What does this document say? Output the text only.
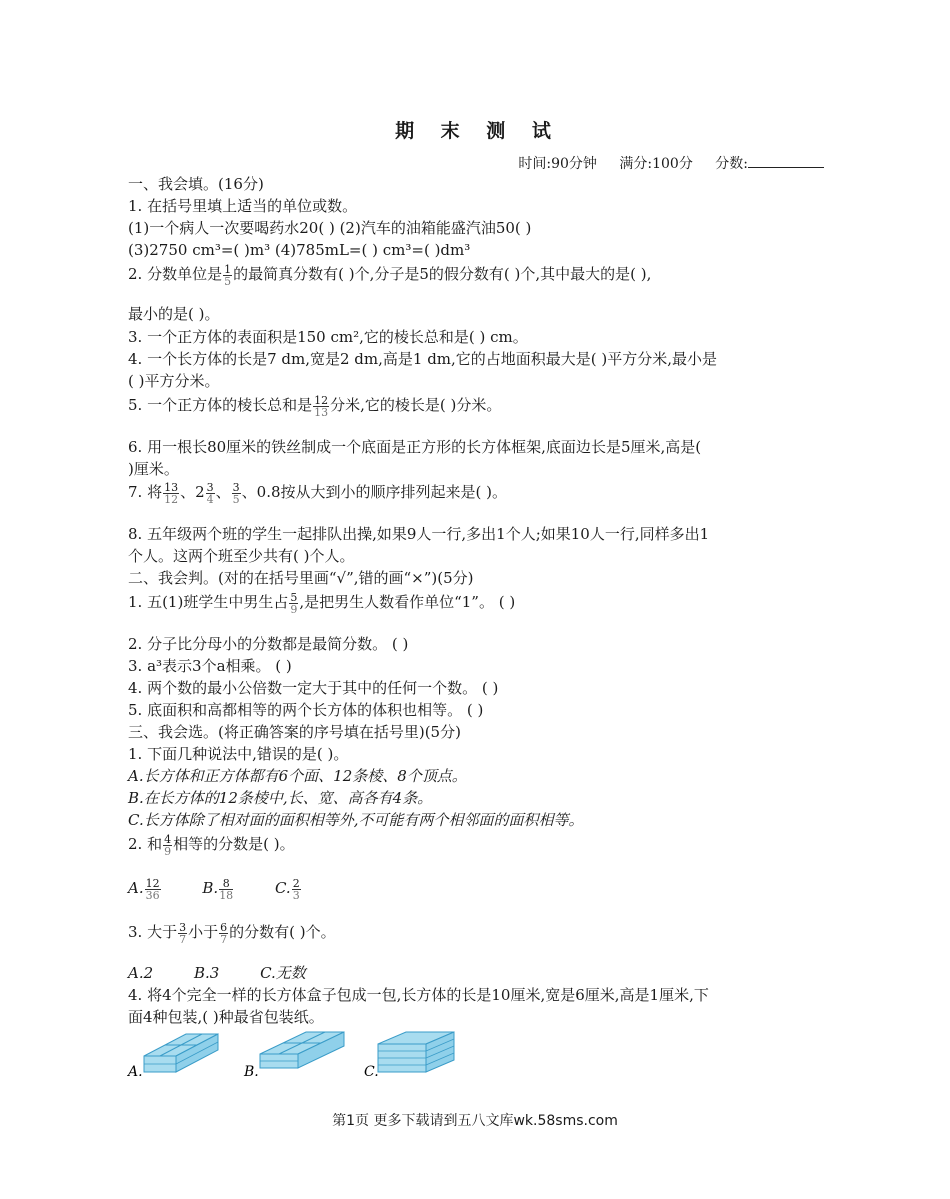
期 末 测 试
时间:90分钟 满分:100分 分数:
一、我会填。(16分)
1. 在括号里填上适当的单位或数。
(1)一个病人一次要喝药水20( ) (2)汽车的油箱能盛汽油50( )
(3)2750 cm³=( )m³ (4)785mL=( ) cm³=( )dm³
2. 分数单位是 $\frac{1}{5}$ 的最简真分数有( )个,分子是5的假分数有( )个,其中最大的是( ),
最小的是( )。
3. 一个正方体的表面积是150 cm²,它的棱长总和是( ) cm。
4. 一个长方体的长是7 dm,宽是2 dm,高是1 dm,它的占地面积最大是( )平方分米,最小是
( )平方分米。
5. 一个正方体的棱长总和是 $\frac{12}{13}$ 分米,它的棱长是( )分米。
6. 用一根长80厘米的铁丝制成一个底面是正方形的长方体框架,底面边长是5厘米,高是(
)厘米。
7. 将 $\frac{13}{12}$ 、$2 \frac{3}{4}$ 、 $\frac{3}{5}$ 、0.8按从大到小的顺序排列起来是( )。
8. 五年级两个班的学生一起排队出操,如果9人一行,多出1个人;如果10人一行,同样多出1
个人。这两个班至少共有( )个人。
二、我会判。(对的在括号里画“√”,错的画“×”)(5分)
1. 五(1)班学生中男生占 $\frac{5}{9}$ ,是把男生人数看作单位“1”。 ( )
2. 分子比分母小的分数都是最简分数。 ( )
3. a³表示3个a相乘。 ( )
4. 两个数的最小公倍数一定大于其中的任何一个数。 ( )
5. 底面积和高都相等的两个长方体的体积也相等。 ( )
三、我会选。(将正确答案的序号填在括号里)(5分)
1. 下面几种说法中,错误的是( )。
A.长方体和正方体都有6个面、12条棱、8个顶点。
B.在长方体的12条棱中,长、宽、高各有4条。
C.长方体除了相对面的面积相等外,不可能有两个相邻面的面积相等。
2. 和 $\frac{4}{9}$ 相等的分数是( )。
A. $\frac{12}{36}$	B. $\frac{8}{18}$	C. $\frac{2}{3}$
3. 大于 $\frac{3}{7}$ 小于 $\frac{6}{7}$ 的分数有( )个。
A.2	B.3	C.无数
4. 将4个完全一样的长方体盒子包成一包,长方体的长是10厘米,宽是6厘米,高是1厘米,下
面4种包装,( )种最省包装纸。
A.	B.	C.
第1页 更多下载请到五八文库wk.58sms.com
